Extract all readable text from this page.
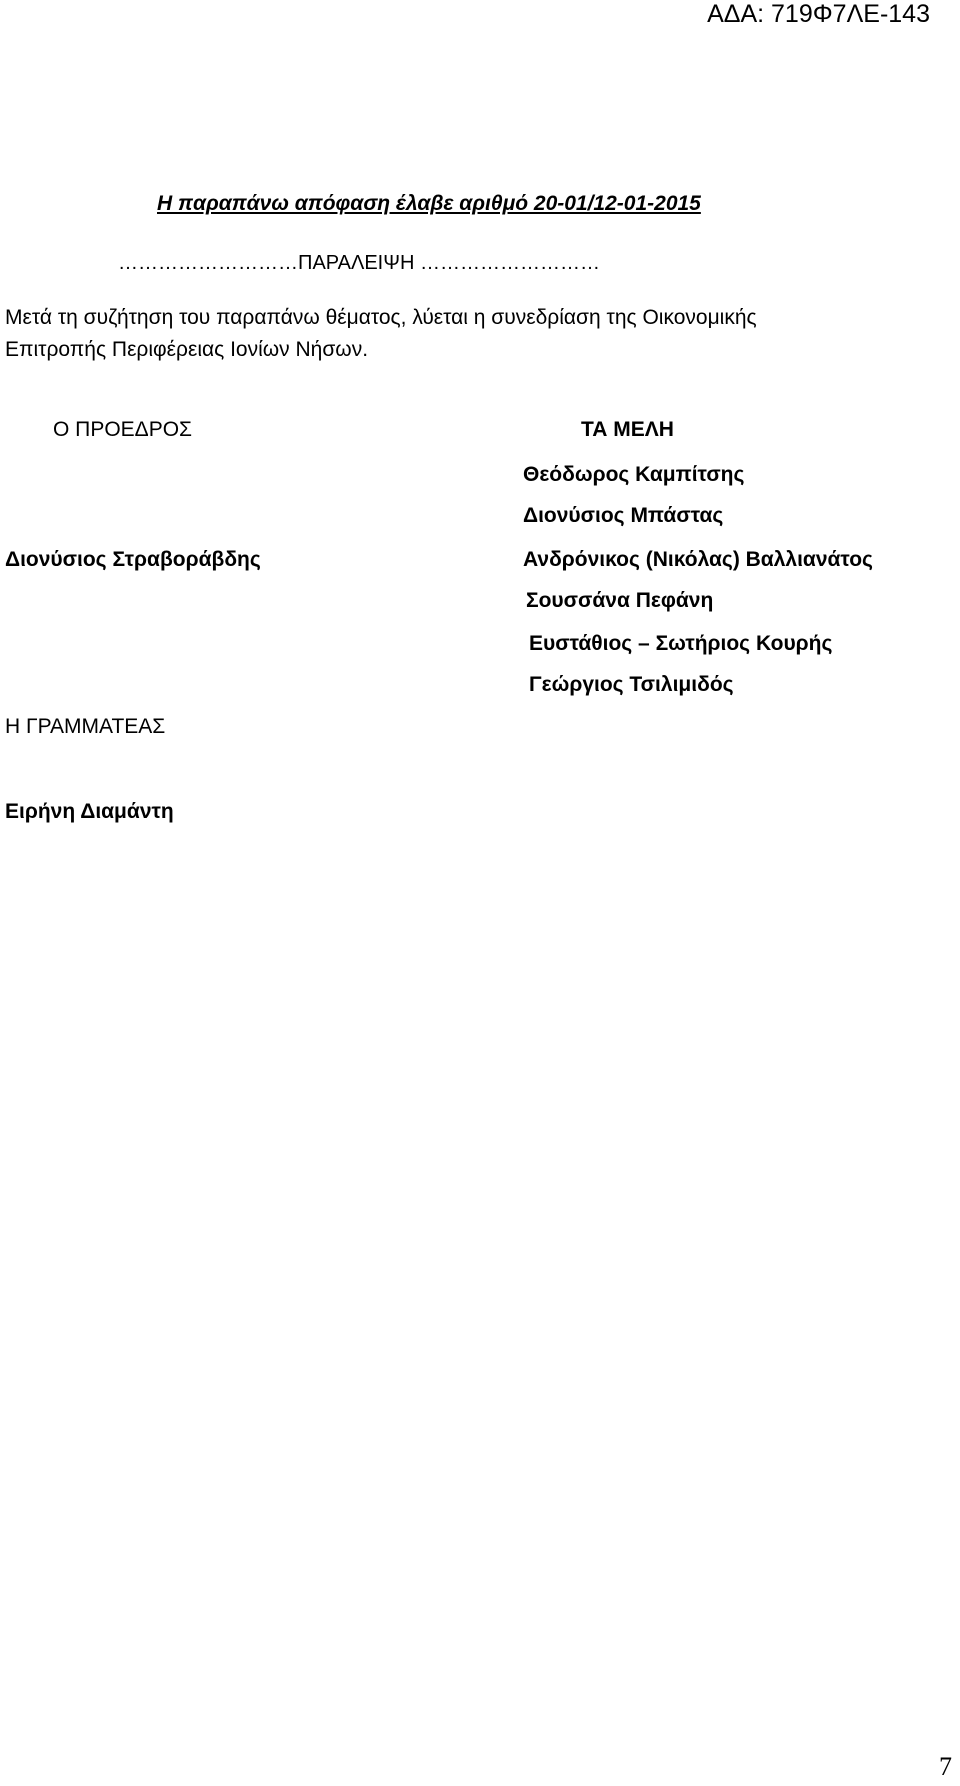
ΑΔΑ: 719Φ7ΛΕ-143
Η παραπάνω απόφαση έλαβε αριθμό 20-01/12-01-2015
………………………ΠΑΡΑΛΕΙΨΗ ………………………
Μετά τη συζήτηση του παραπάνω θέματος, λύεται η συνεδρίαση της Οικονομικής
Επιτροπής Περιφέρειας Ιονίων Νήσων.
Ο ΠΡΟΕΔΡΟΣ
Διονύσιος Στραβοράβδης
Η ΓΡΑΜΜΑΤΕΑΣ
Ειρήνη Διαμάντη
ΤΑ ΜΕΛΗ
Θεόδωρος Καμπίτσης
Διονύσιος Μπάστας
Ανδρόνικος (Νικόλας) Βαλλιανάτος
Σουσσάνα Πεφάνη
Ευστάθιος – Σωτήριος Κουρής
Γεώργιος Τσιλιμιδός
7
